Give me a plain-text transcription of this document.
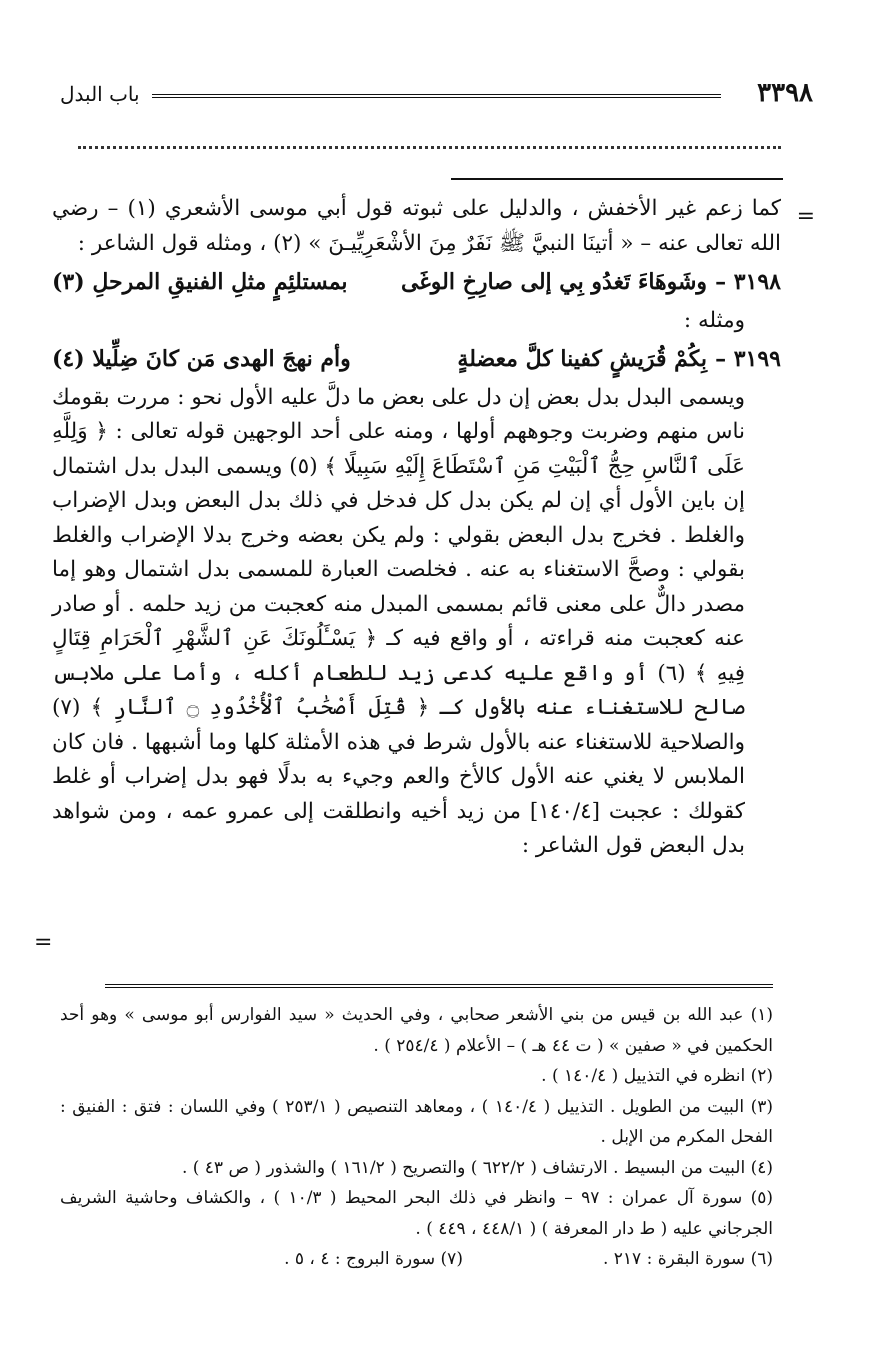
٣٣٩٨
باب البدل
=
=

كما زعم غير الأخفش ، والدليل على ثبوته قول أبي موسى الأشعري (١) – رضي الله تعالى عنه – « أتينَا النبيَّ ﷺ نَفَرٌ مِنَ الأشْعَرِيِّيـنَ » (٢) ، ومثله قول الشاعر :

٣١٩٨ –
وشَوهَاءَ تَغدُو بِي إلى صارِخِ الوغَى
بمستلئِمٍ مثلِ الفنيقِ المرحلِ (٣)

ومثله :

٣١٩٩ –
بِكُمْ قُرَيشٍ كفينا كلَّ معضلةٍ
وأم نهجَ الهدى مَن كانَ ضِلِّيلا (٤)

ويسمى البدل بدل بعض إن دل على بعض ما دلَّ عليه الأول نحو : مررت بقومك ناس منهم وضربت وجوههم أولها ، ومنه على أحد الوجهين قوله تعالى : ﴿ وَلِلَّهِ عَلَى ٱلنَّاسِ حِجُّ ٱلْبَيْتِ مَنِ ٱسْتَطَاعَ إِلَيْهِ سَبِيلًا ﴾ (٥) ويسمى البدل بدل اشتمال إن باين الأول أي إن لم يكن بدل كل فدخل في ذلك بدل البعض وبدل الإضراب والغلط . فخرج بدل البعض بقولي : ولم يكن بعضه وخرج بدلا الإضراب والغلط بقولي : وصحَّ الاستغناء به عنه . فخلصت العبارة للمسمى بدل اشتمال وهو إما مصدر دالٌّ على معنى قائم بمسمى المبدل منه كعجبت من زيد حلمه . أو صادر عنه كعجبت منه قراءته ، أو واقع فيه كـ ﴿ يَسْـَٔلُونَكَ عَنِ ٱلشَّهْرِ ٱلْحَرَامِ قِتَالٍ فِيهِ ﴾ (٦) أو واقع عليه كدعى زيد للطعام أكله ، وأما على ملابس صالح للاستغناء عنه بالأول كـ ﴿ قُتِلَ أَصْحَٰبُ ٱلْأُخْدُودِ ۝ ٱلنَّارِ ﴾ (٧) والصلاحية للاستغناء عنه بالأول شرط في هذه الأمثلة كلها وما أشبهها . فان كان الملابس لا يغني عنه الأول كالأخ والعم وجيء به بدلًا فهو بدل إضراب أو غلط كقولك : عجبت [١٤٠/٤] من زيد أخيه وانطلقت إلى عمرو عمه ، ومن شواهد بدل البعض قول الشاعر :

(١) عبد الله بن قيس من بني الأشعر صحابي ، وفي الحديث « سيد الفوارس أبو موسى » وهو أحد الحكمين في « صفين » ( ت ٤٤ هـ ) – الأعلام ( ٢٥٤/٤ ) .

(٢) انظره في التذييل ( ١٤٠/٤ ) .

(٣) البيت من الطويل . التذييل ( ١٤٠/٤ ) ، ومعاهد التنصيص ( ٢٥٣/١ ) وفي اللسان : فتق : الفنيق : الفحل المكرم من الإبل .

(٤) البيت من البسيط . الارتشاف ( ٦٢٢/٢ ) والتصريح ( ١٦١/٢ ) والشذور ( ص ٤٣ ) .

(٥) سورة آل عمران : ٩٧ – وانظر في ذلك البحر المحيط ( ١٠/٣ ) ، والكشاف وحاشية الشريف الجرجاني عليه ( ط دار المعرفة ) ( ٤٤٨/١ ، ٤٤٩ ) .

(٦) سورة البقرة : ٢١٧ .
(٧) سورة البروج : ٤ ، ٥ .
